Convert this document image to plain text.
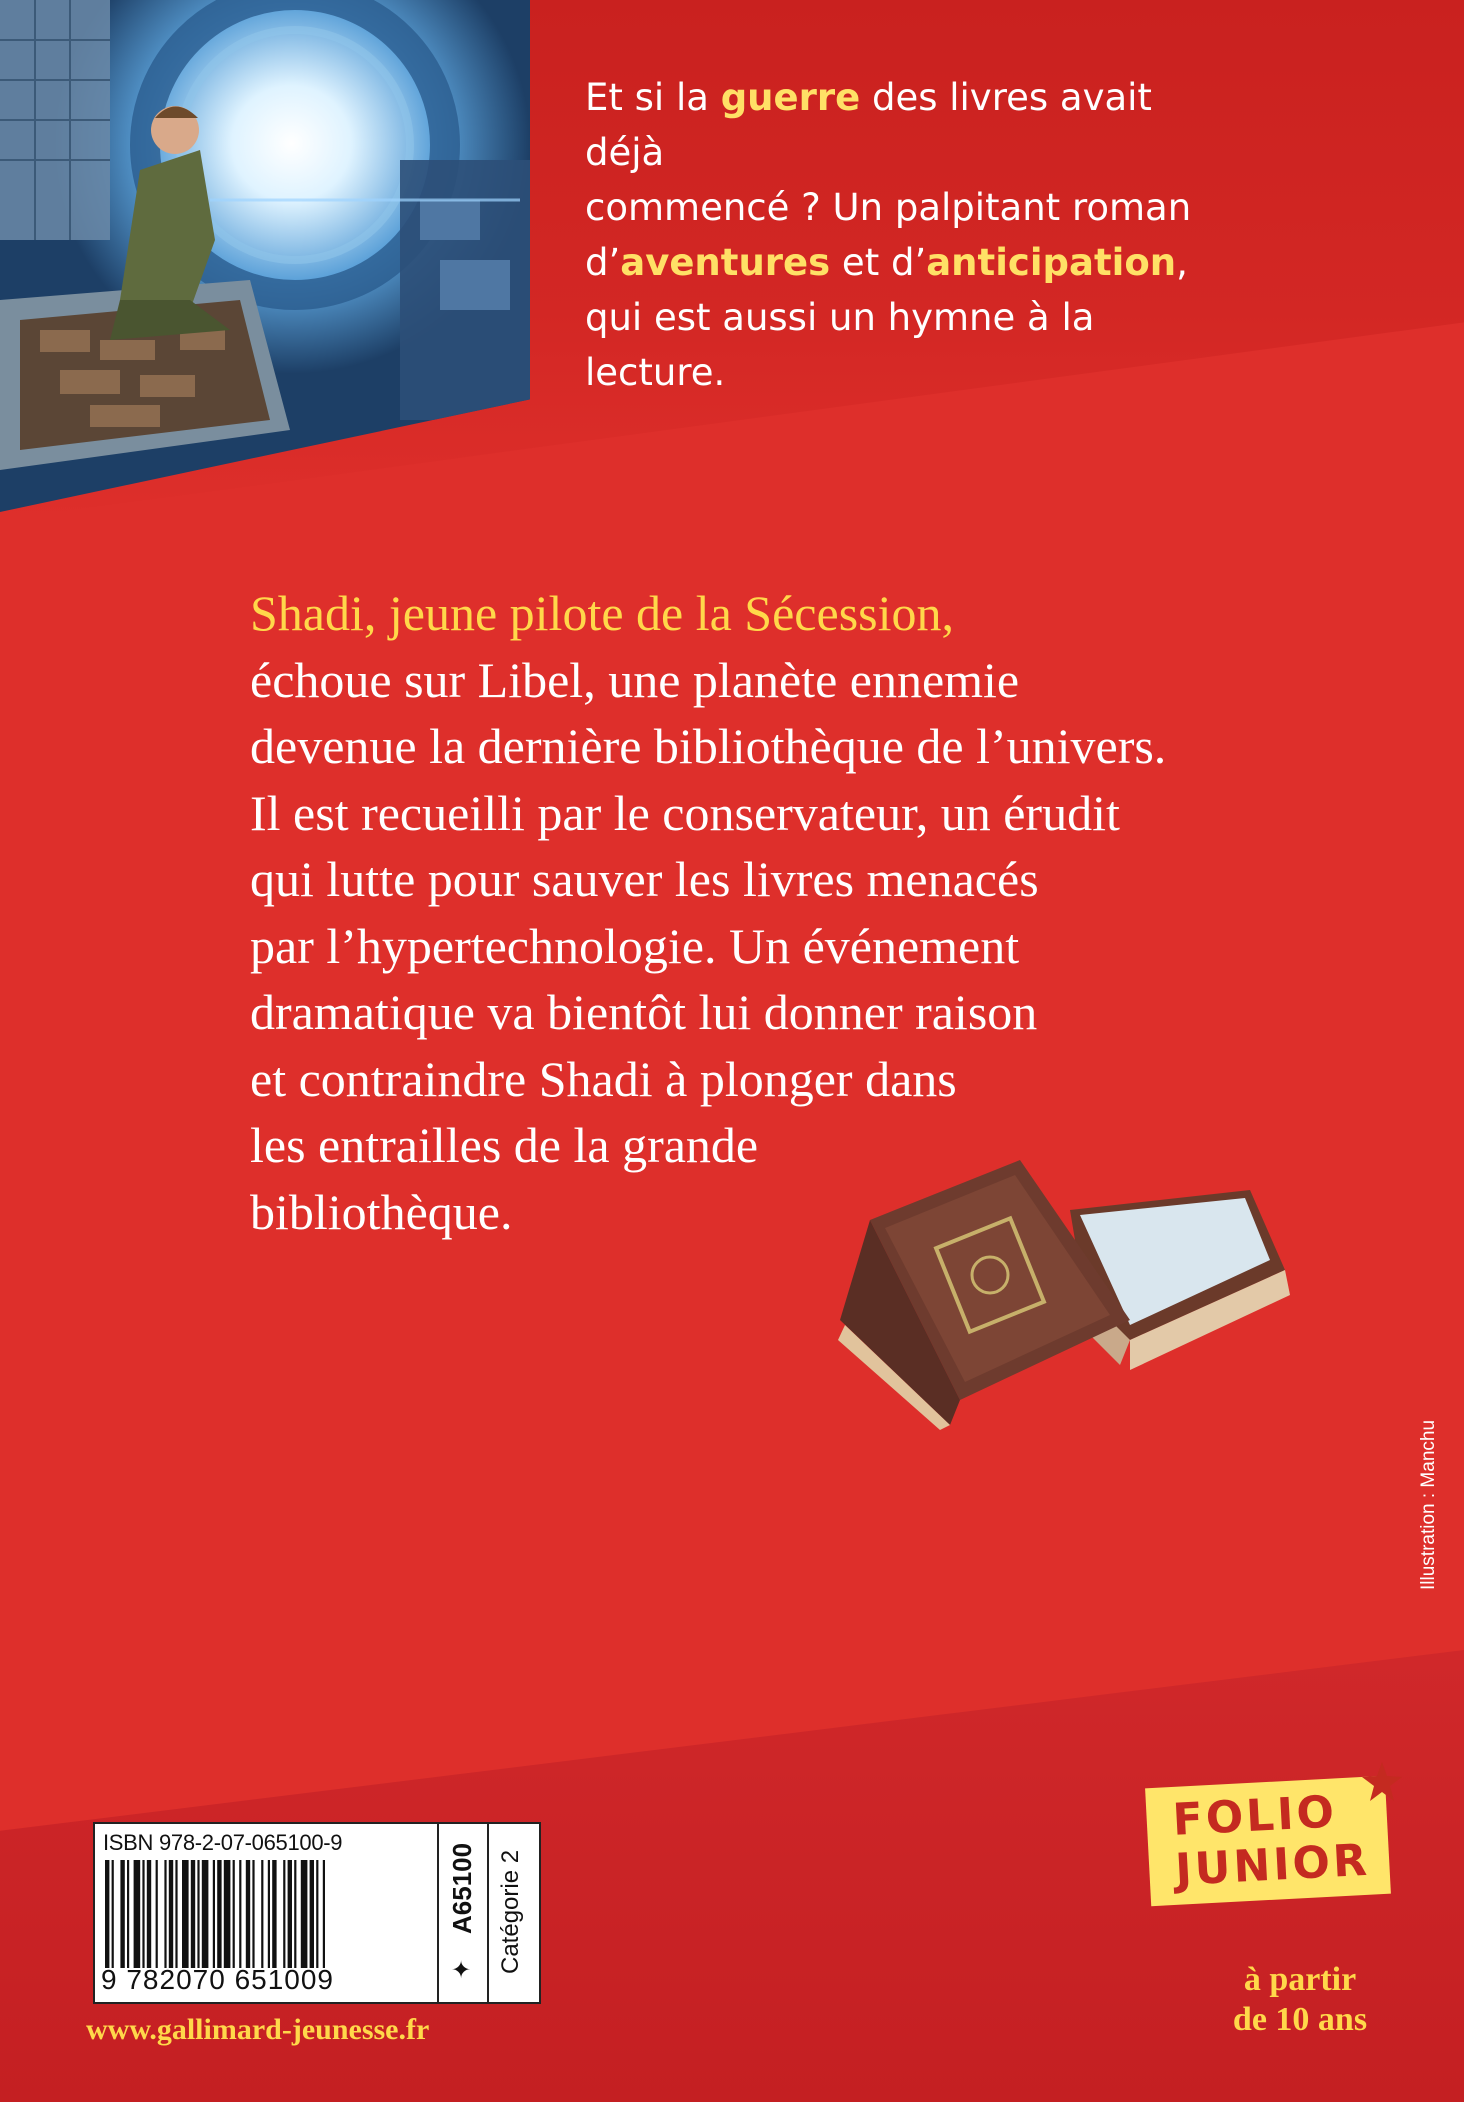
Et si la guerre des livres avait déjà
commencé ? Un palpitant roman
d’aventures et d’anticipation,
qui est aussi un hymne à la lecture.
Shadi, jeune pilote de la Sécession,
échoue sur Libel, une planète ennemie
devenue la dernière bibliothèque de l’univers.
Il est recueilli par le conservateur, un érudit
qui lutte pour sauver les livres menacés
par l’hypertechnologie. Un événement
dramatique va bientôt lui donner raison
et contraindre Shadi à plonger dans
les entrailles de la grande
bibliothèque.
Illustration : Manchu
ISBN 978-2-07-065100-9
9 782070 651009
A65100
✦ Catégorie 2
www.gallimard-jeunesse.fr
FOLIO
JUNIOR
à partir
de 10 ans
